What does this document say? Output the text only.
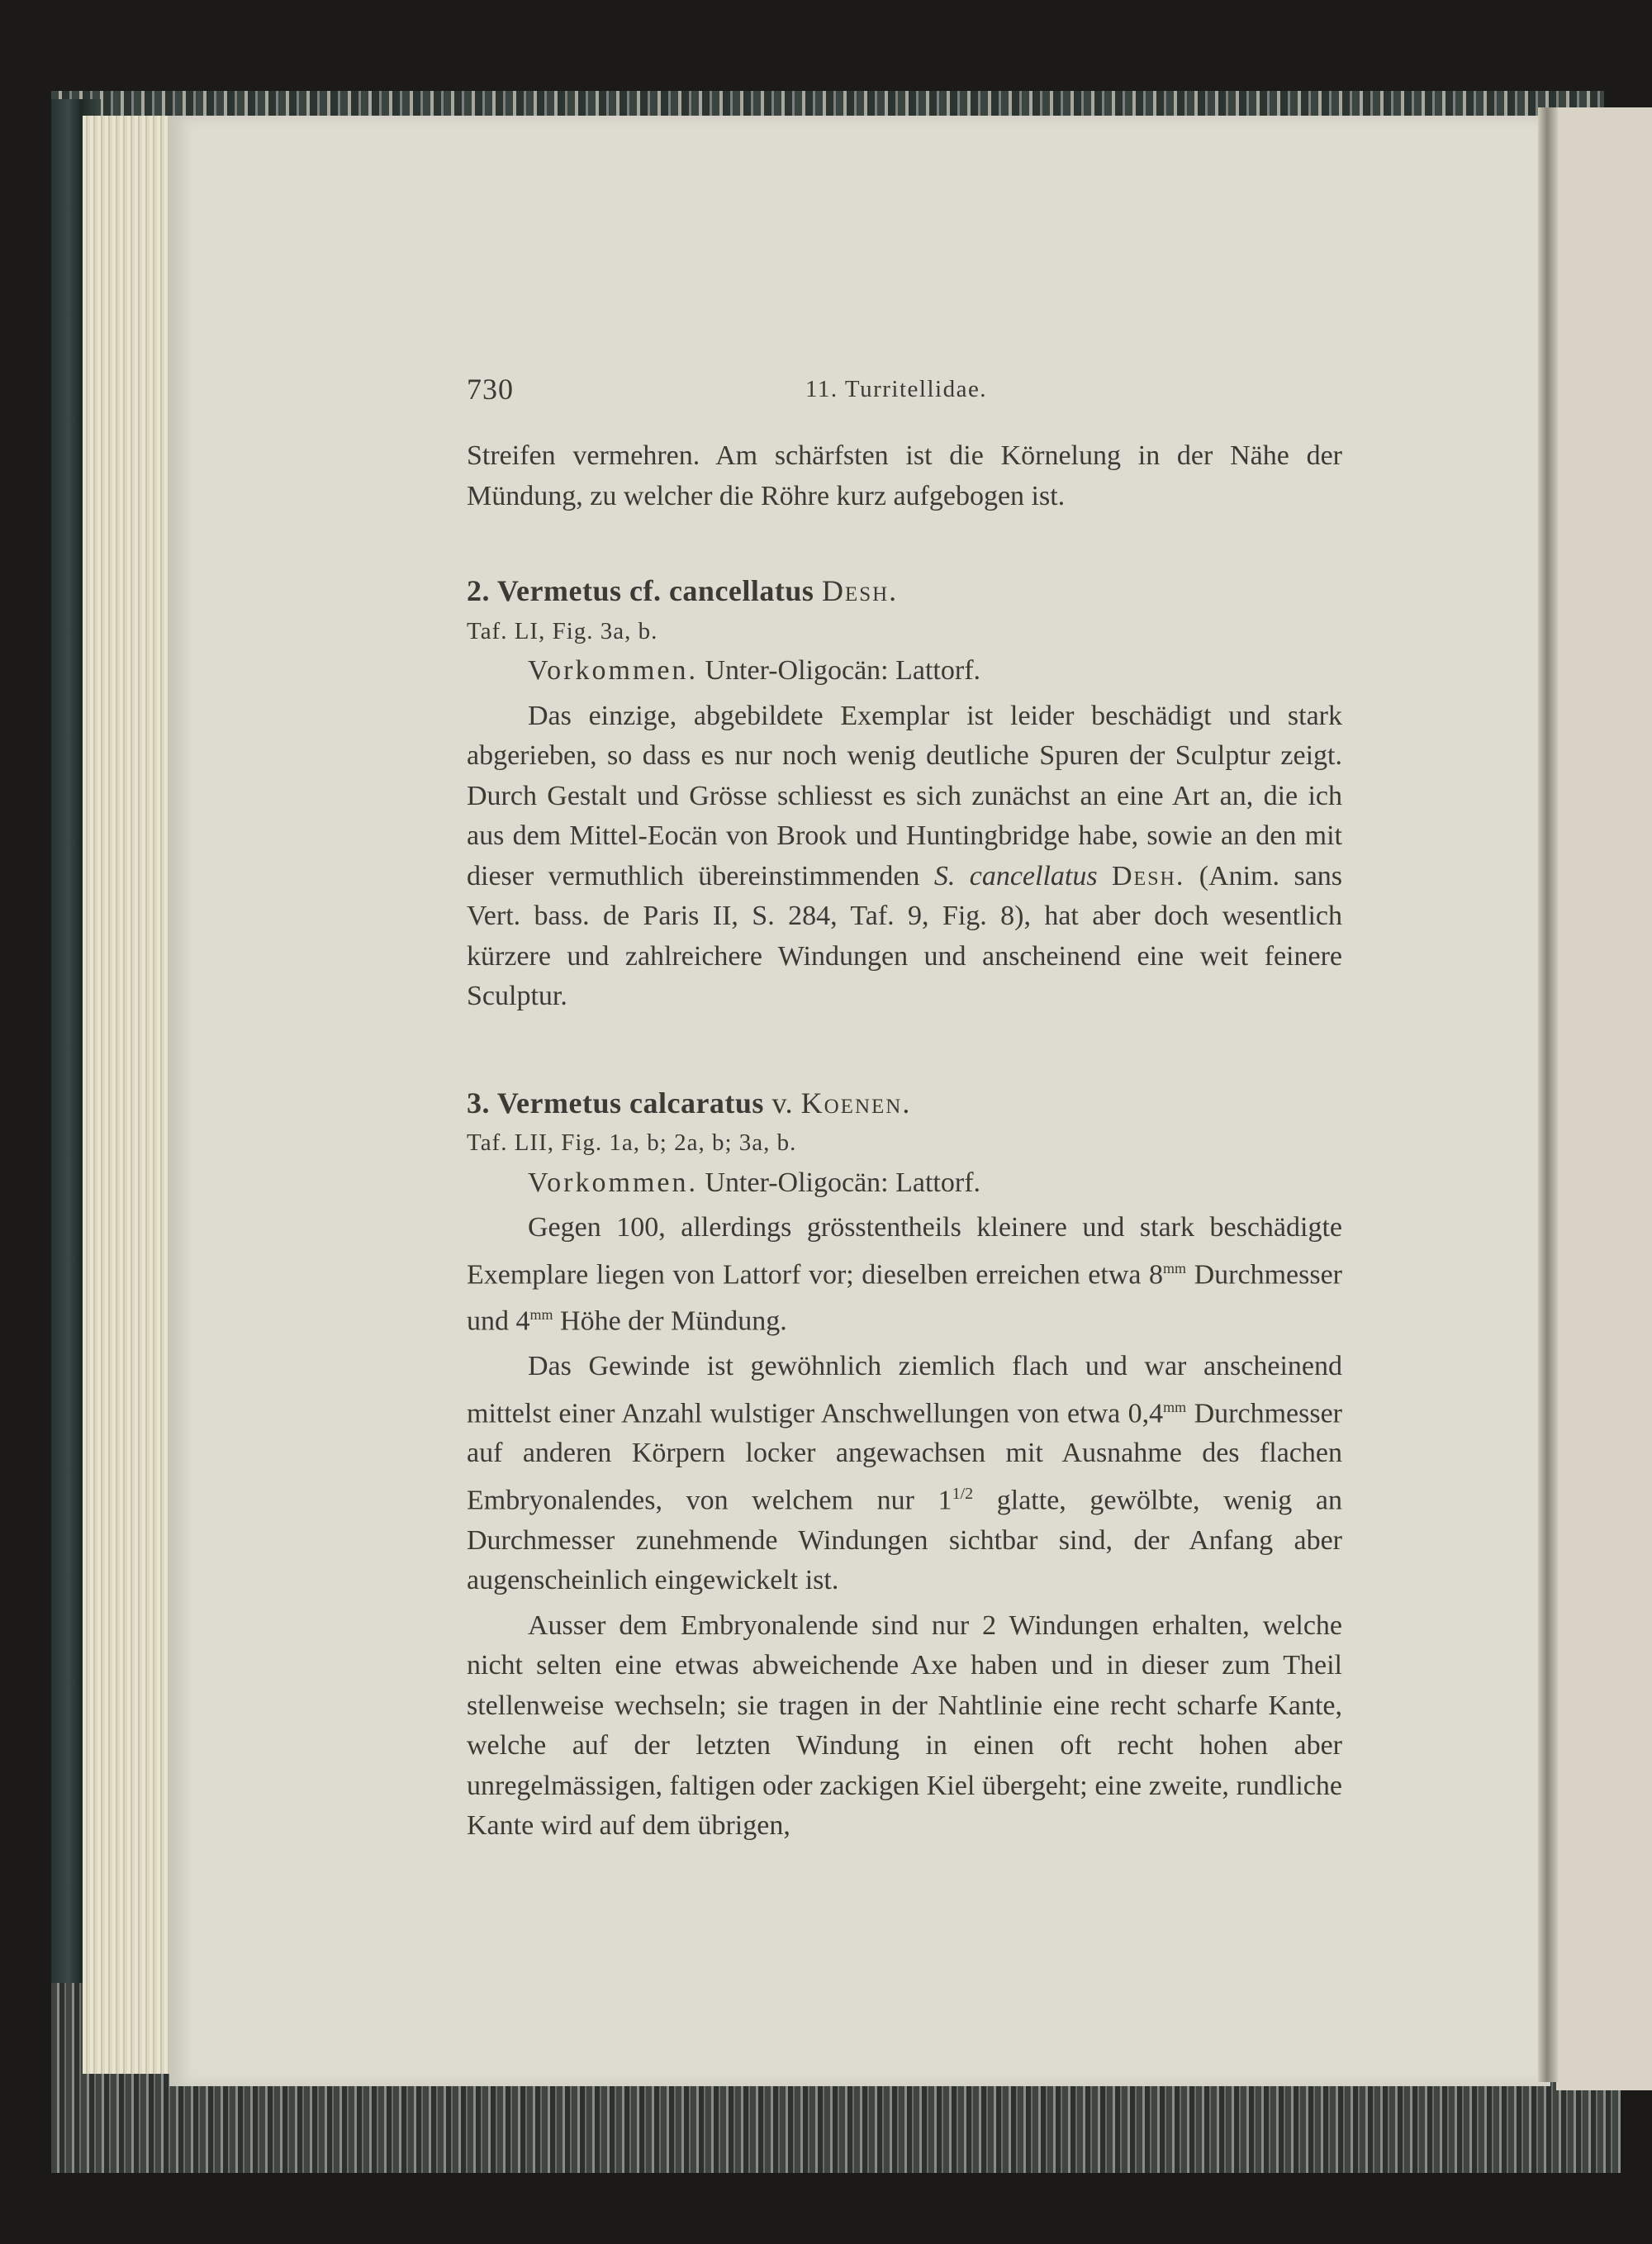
730	11. Turritellidae.

Streifen vermehren. Am schärfsten ist die Körnelung in der Nähe der Mündung, zu welcher die Röhre kurz aufgebogen ist.

2. Vermetus cf. cancellatus Desh.

Taf. LI, Fig. 3a, b.

Vorkommen. Unter-Oligocän: Lattorf.

Das einzige, abgebildete Exemplar ist leider beschädigt und stark abgerieben, so dass es nur noch wenig deutliche Spuren der Sculptur zeigt. Durch Gestalt und Grösse schliesst es sich zunächst an eine Art an, die ich aus dem Mittel-Eocän von Brook und Huntingbridge habe, sowie an den mit dieser vermuthlich übereinstimmenden S. cancellatus Desh. (Anim. sans Vert. bass. de Paris II, S. 284, Taf. 9, Fig. 8), hat aber doch wesentlich kürzere und zahlreichere Windungen und anscheinend eine weit feinere Sculptur.

3. Vermetus calcaratus v. Koenen.

Taf. LII, Fig. 1a, b; 2a, b; 3a, b.

Vorkommen. Unter-Oligocän: Lattorf.

Gegen 100, allerdings grösstentheils kleinere und stark beschädigte Exemplare liegen von Lattorf vor; dieselben erreichen etwa $8^{mm}$ Durchmesser und $4^{mm}$ Höhe der Mündung.

Das Gewinde ist gewöhnlich ziemlich flach und war anscheinend mittelst einer Anzahl wulstiger Anschwellungen von etwa $0,4^{mm}$ Durchmesser auf anderen Körpern locker angewachsen mit Ausnahme des flachen Embryonalendes, von welchem nur $1^{1/2}$ glatte, gewölbte, wenig an Durchmesser zunehmende Windungen sichtbar sind, der Anfang aber augenscheinlich eingewickelt ist.

Ausser dem Embryonalende sind nur 2 Windungen erhalten, welche nicht selten eine etwas abweichende Axe haben und in dieser zum Theil stellenweise wechseln; sie tragen in der Nahtlinie eine recht scharfe Kante, welche auf der letzten Windung in einen oft recht hohen aber unregelmässigen, faltigen oder zackigen Kiel übergeht; eine zweite, rundliche Kante wird auf dem übrigen,
